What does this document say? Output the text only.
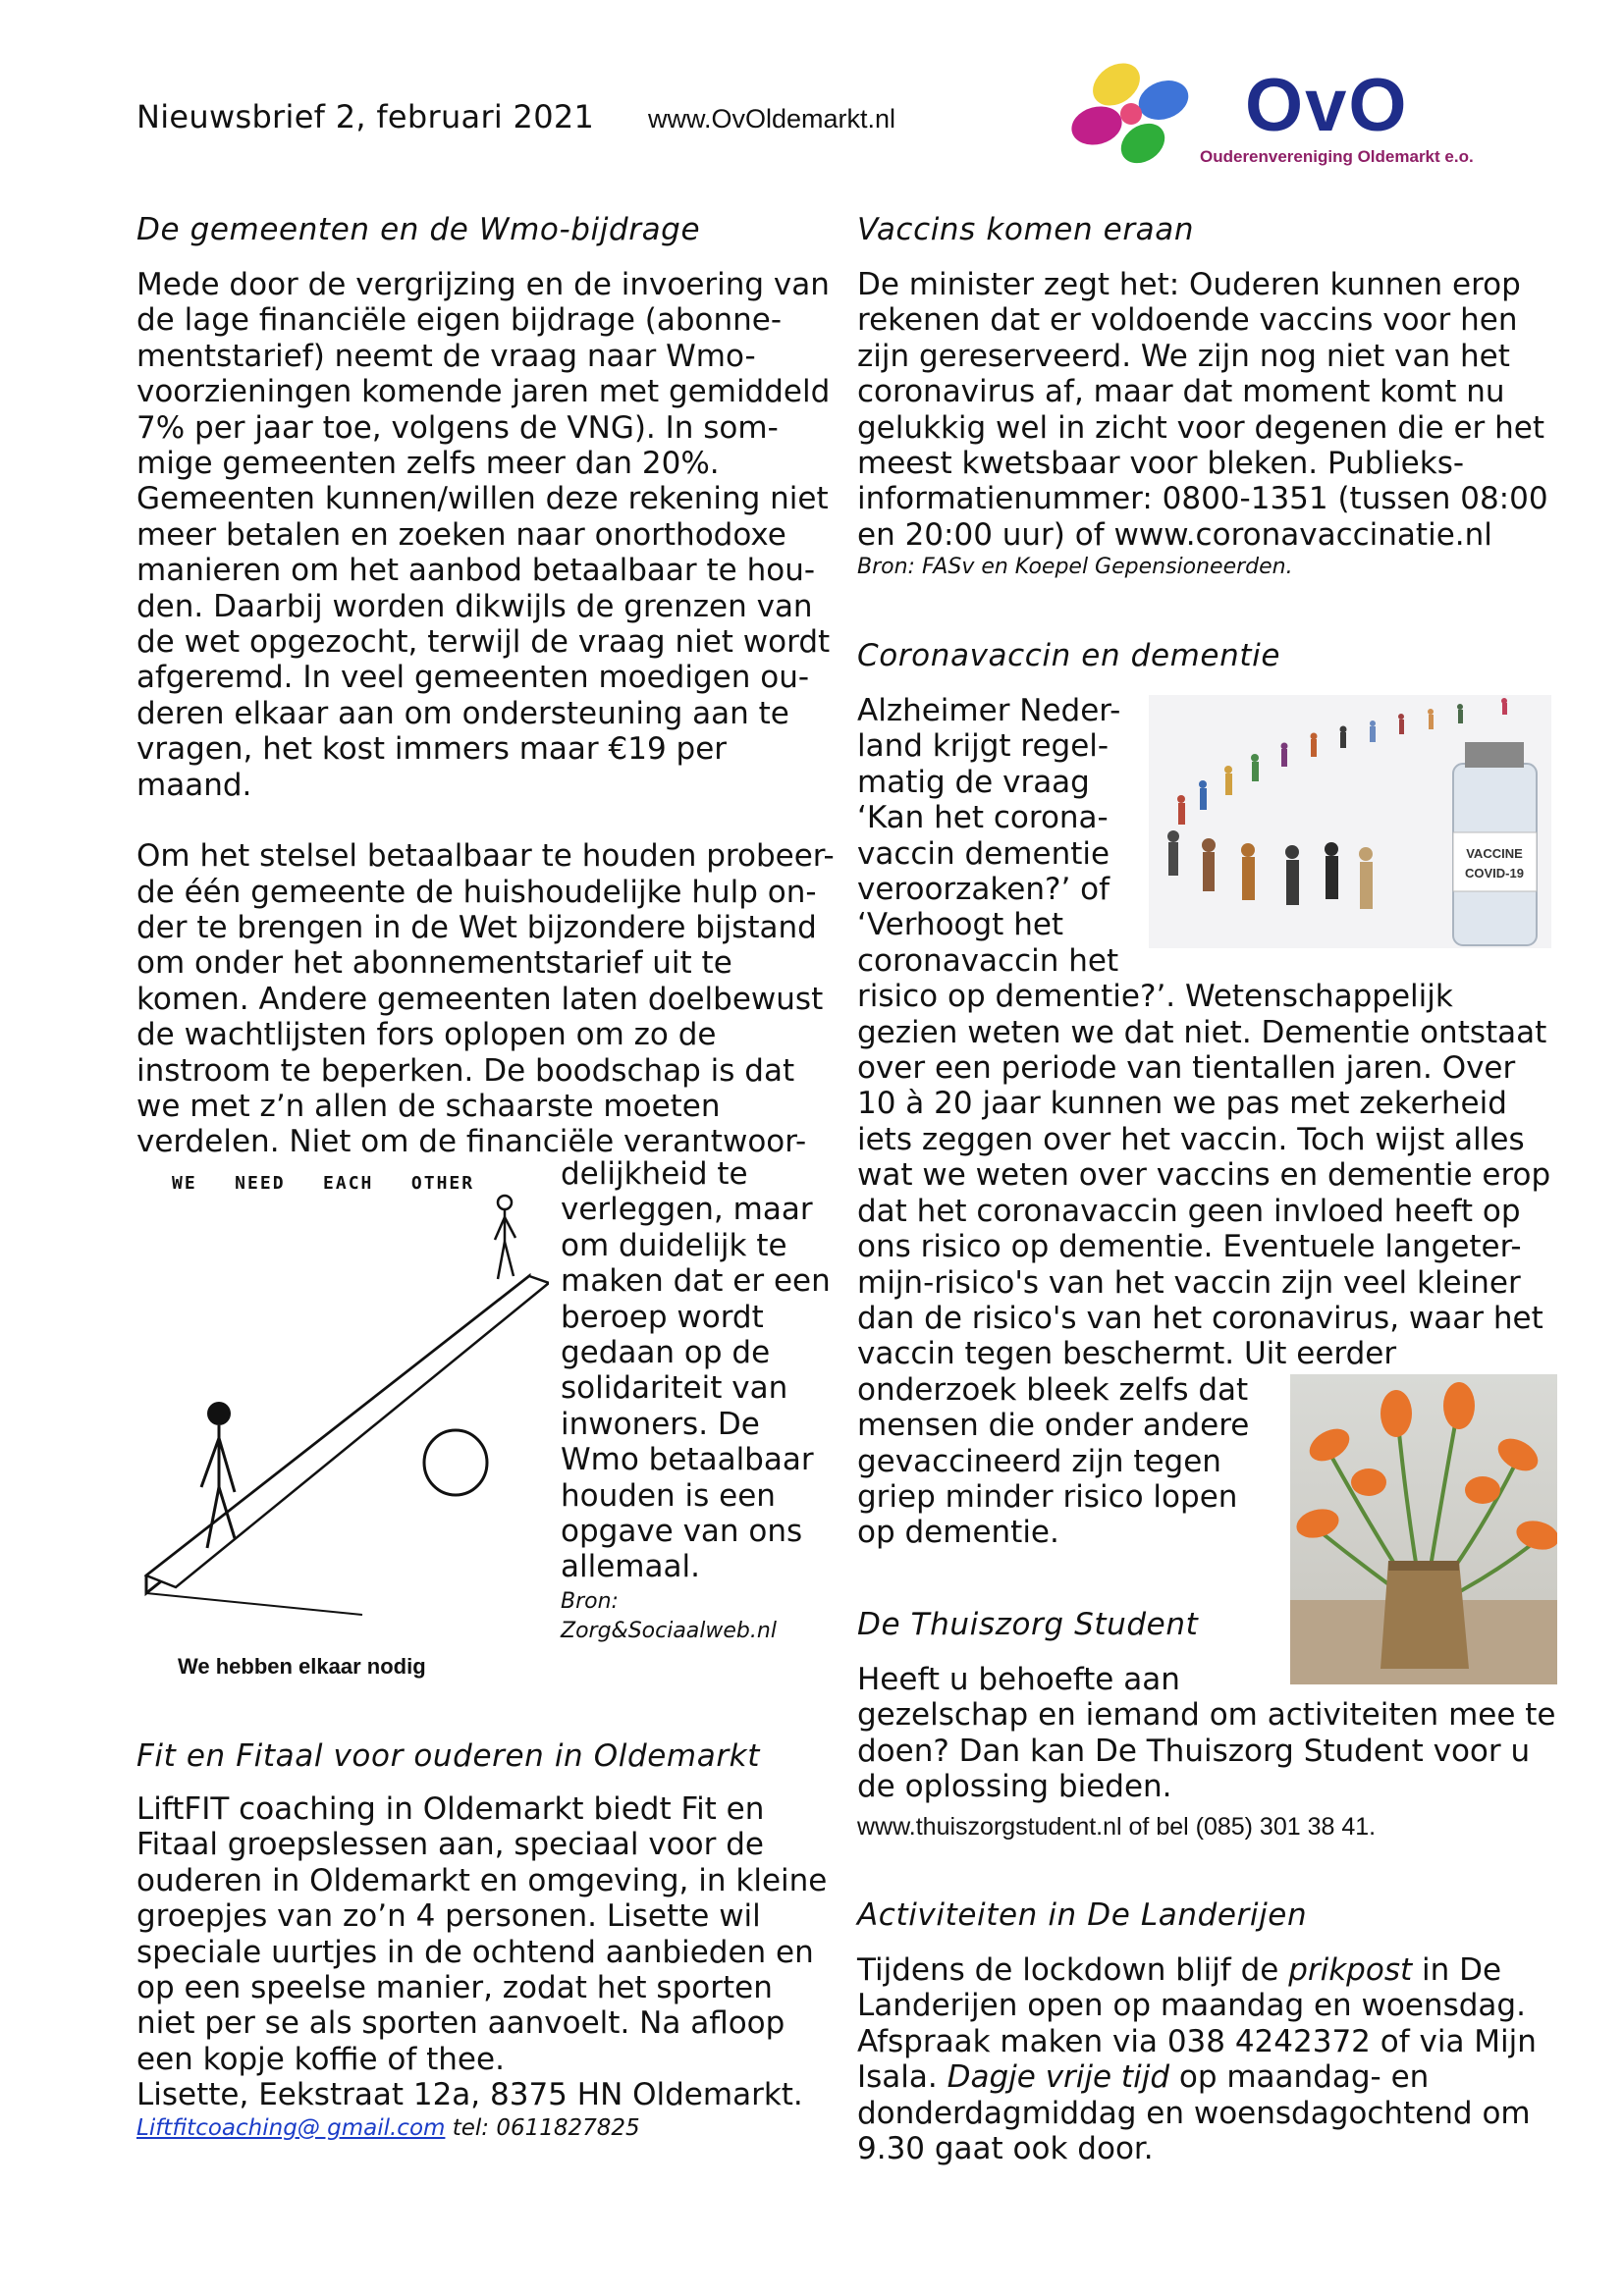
Nieuwsbrief 2, februari 2021 www.OvOldemarkt.nl	OvO
Ouderenvereniging Oldemarkt e.o.
De gemeenten en de Wmo-bijdrage

Mede door de vergrijzing en de invoering van
de lage financiële eigen bijdrage (abonne-
mentstarief) neemt de vraag naar Wmo-
voorzieningen komende jaren met gemiddeld
7% per jaar toe, volgens de VNG). In som-
mige gemeenten zelfs meer dan 20%.
Gemeenten kunnen/willen deze rekening niet
meer betalen en zoeken naar onorthodoxe
manieren om het aanbod betaalbaar te hou-
den. Daarbij worden dikwijls de grenzen van
de wet opgezocht, terwijl de vraag niet wordt
afgeremd. In veel gemeenten moedigen ou-
deren elkaar aan om ondersteuning aan te
vragen, het kost immers maar €19 per
maand.

Om het stelsel betaalbaar te houden probeer-
de één gemeente de huishoudelijke hulp on-
der te brengen in de Wet bijzondere bijstand
om onder het abonnementstarief uit te
komen. Andere gemeenten laten doelbewust
de wachtlijsten fors oplopen om zo de
instroom te beperken. De boodschap is dat
we met z’n allen de schaarste moeten
verdelen. Niet om de financiële verantwoor-

delijkheid te
verleggen, maar
om duidelijk te
maken dat er een
beroep wordt
gedaan op de
solidariteit van
inwoners. De
Wmo betaalbaar
houden is een
opgave van ons
allemaal.
Bron:
Zorg&Sociaalweb.nl
WE   NEED   EACH   OTHER
We hebben elkaar nodig
Fit en Fitaal voor ouderen in Oldemarkt

LiftFIT coaching in Oldemarkt biedt Fit en
Fitaal groepslessen aan, speciaal voor de
ouderen in Oldemarkt en omgeving, in kleine
groepjes van zo’n 4 personen. Lisette wil
speciale uurtjes in de ochtend aanbieden en
op een speelse manier, zodat het sporten
niet per se als sporten aanvoelt. Na afloop
een kopje koffie of thee.
Lisette, Eekstraat 12a, 8375 HN Oldemarkt.

Liftfitcoaching@ gmail.com tel: 0611827825
Vaccins komen eraan

De minister zegt het: Ouderen kunnen erop
rekenen dat er voldoende vaccins voor hen
zijn gereserveerd. We zijn nog niet van het
coronavirus af, maar dat moment komt nu
gelukkig wel in zicht voor degenen die er het
meest kwetsbaar voor bleken. Publieks-
informatienummer: 0800-1351 (tussen 08:00
en 20:00 uur) of www.coronavaccinatie.nl

Bron: FASv en Koepel Gepensioneerden.
Coronavaccin en dementie

Alzheimer Neder-
land krijgt regel-
matig de vraag
‘Kan het corona-
vaccin dementie
veroorzaken?’ of
‘Verhoogt het
coronavaccin het

risico op dementie?’. Wetenschappelijk
gezien weten we dat niet. Dementie ontstaat
over een periode van tientallen jaren. Over
10 à 20 jaar kunnen we pas met zekerheid
iets zeggen over het vaccin. Toch wijst alles
wat we weten over vaccins en dementie erop
dat het coronavaccin geen invloed heeft op
ons risico op dementie. Eventuele langeter-
mijn-risico's van het vaccin zijn veel kleiner
dan de risico's van het coronavirus, waar het
vaccin tegen beschermt. Uit eerder

onderzoek bleek zelfs dat
mensen die onder andere
gevaccineerd zijn tegen
griep minder risico lopen
op dementie.

VACCINE
COVID-19
De Thuiszorg Student

Heeft u behoefte aan
gezelschap en iemand om activiteiten mee te
doen? Dan kan De Thuiszorg Student voor u
de oplossing bieden.

www.thuiszorgstudent.nl of bel (085) 301 38 41.
Activiteiten in De Landerijen

Tijdens de lockdown blijf de prikpost in De
Landerijen open op maandag en woensdag.
Afspraak maken via 038 4242372 of via Mijn
Isala. Dagje vrije tijd op maandag- en
donderdagmiddag en woensdagochtend om
9.30 gaat ook door.
